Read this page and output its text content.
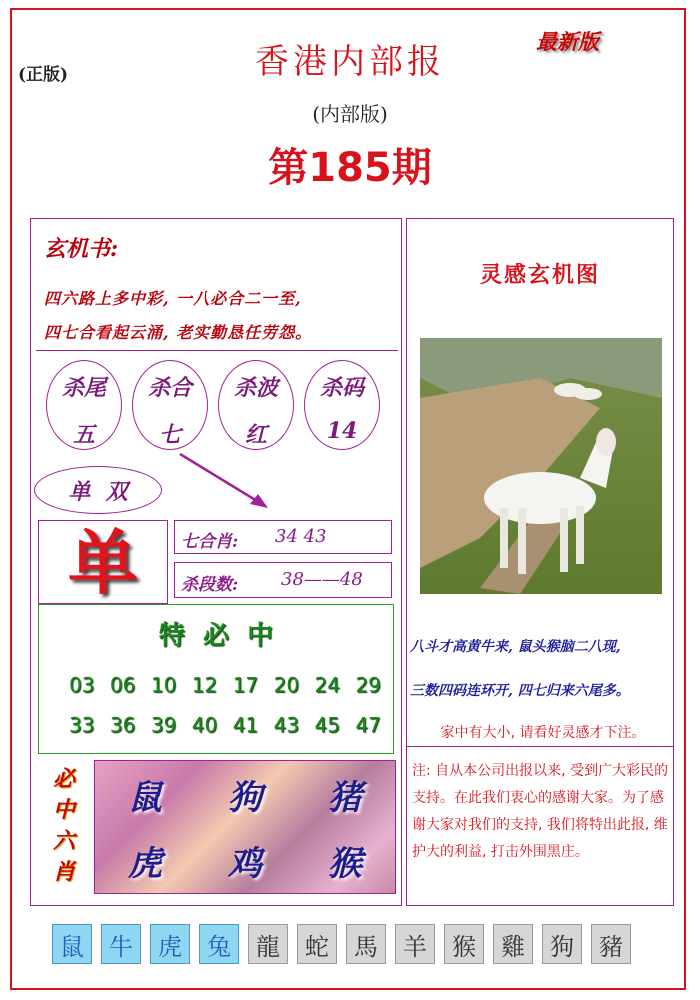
(正版)
最新版
香港内部报
(内部版)
第185期
玄机书:
四六路上多中彩, 一八必合二一至,
四七合看起云涌, 老实勤恳任劳怨。
杀尾
五
杀合
七
杀波
红
杀码
14
单  双
单	七合肖: 34 43
杀段数: 38——48
特  必  中
03 06 10 12 17 20 24 29
33 36 39 40 41 43 45 47
必
中
六
肖
鼠 狗 猪
虎 鸡 猴
灵感玄机图
八斗才高黄牛来, 鼠头猴脑二八现,
三数四码连环开, 四七归来六尾多。
家中有大小, 请看好灵感才下注。
注: 自从本公司出报以来, 受到广大彩民的支持。在此我们衷心的感谢大家。为了感谢大家对我们的支持, 我们将特出此报, 维护大的利益, 打击外围黑庄。
鼠	牛	虎	兔	龍	蛇	馬	羊	猴	雞	狗	豬
